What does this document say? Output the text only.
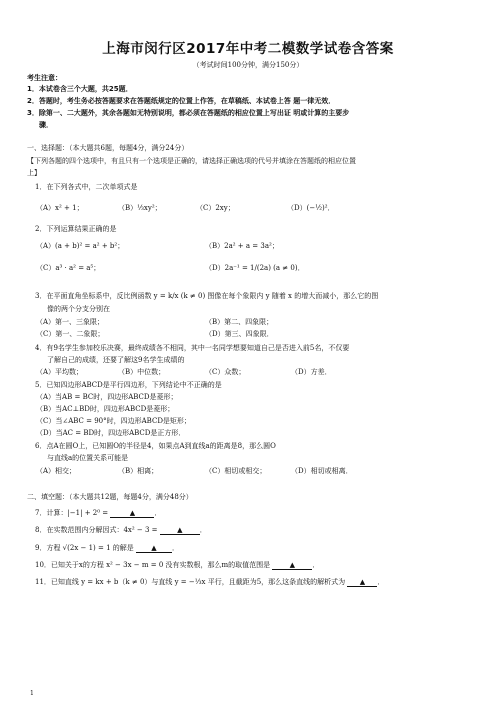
上海市闵行区2017年中考二模数学试卷含答案
（考试时间100分钟，满分150分）
考生注意：
1．本试卷含三个大题，共25题．
2．答题时，考生务必按答题要求在答题纸规定的位置上作答，在草稿纸、本试卷上答 题一律无效．
3．除第一、二大题外，其余各题如无特别说明，都必须在答题纸的相应位置上写出证 明或计算的主要步
骤．
一、选择题：（本大题共6题，每题4分，满分24分）
【下列各题的四个选项中，有且只有一个选项是正确的，请选择正确选项的代号并填涂在答题纸的相应位置
上】
1．在下列各式中，二次单项式是
（A）x² + 1；	（B）⅓xy²；	（C）2xy；	（D）(−½)²．
2．下列运算结果正确的是
（A）(a + b)² = a² + b²；	（B）2a² + a = 3a²；
（C）a³ · a² = a⁵；	（D）2a⁻¹ = 1/(2a) (a ≠ 0)．
3．在平面直角坐标系中，反比例函数 y = k/x (k ≠ 0) 图像在每个象限内 y 随着 x 的增大而减小，那么它的图
像的两个分支分别在
（A）第一、三象限；	（B）第二、四象限；
（C）第一、二象限；	（D）第三、四象限．
4．有9名学生参加校乐决赛，最终成绩各不相同，其中一名同学想要知道自己是否进入前5名，不仅要
了解自己的成绩，还要了解这9名学生成绩的
（A）平均数；	（B）中位数；	（C）众数；	（D）方差．
5．已知四边形ABCD是平行四边形，下列结论中不正确的是
（A）当AB = BC时，四边形ABCD是菱形；
（B）当AC⊥BD时，四边形ABCD是菱形；
（C）当∠ABC = 90°时，四边形ABCD是矩形；
（D）当AC = BD时，四边形ABCD是正方形．
6．点A在圆O上，已知圆O的半径是4，如果点A到直线a的距离是8，那么圆O
与直线a的位置关系可能是
（A）相交；	（B）相离；	（C）相切或相交；	（D）相切或相离．
二、填空题：（本大题共12题，每题4分，满分48分）
7．计算：|−1| + 2⁰ =	▲	．
8．在实数范围内分解因式：4x² − 3 =	▲ ．
9．方程 √(2x − 1) = 1 的解是	▲ ．
10．已知关于x的方程 x² − 3x − m = 0 没有实数根，那么m的取值范围是	▲ ．
11．已知直线 y = kx + b（k ≠ 0）与直线 y = −⅓x 平行，且截距为5，那么这条直线的解析式为 ▲ ．
1
